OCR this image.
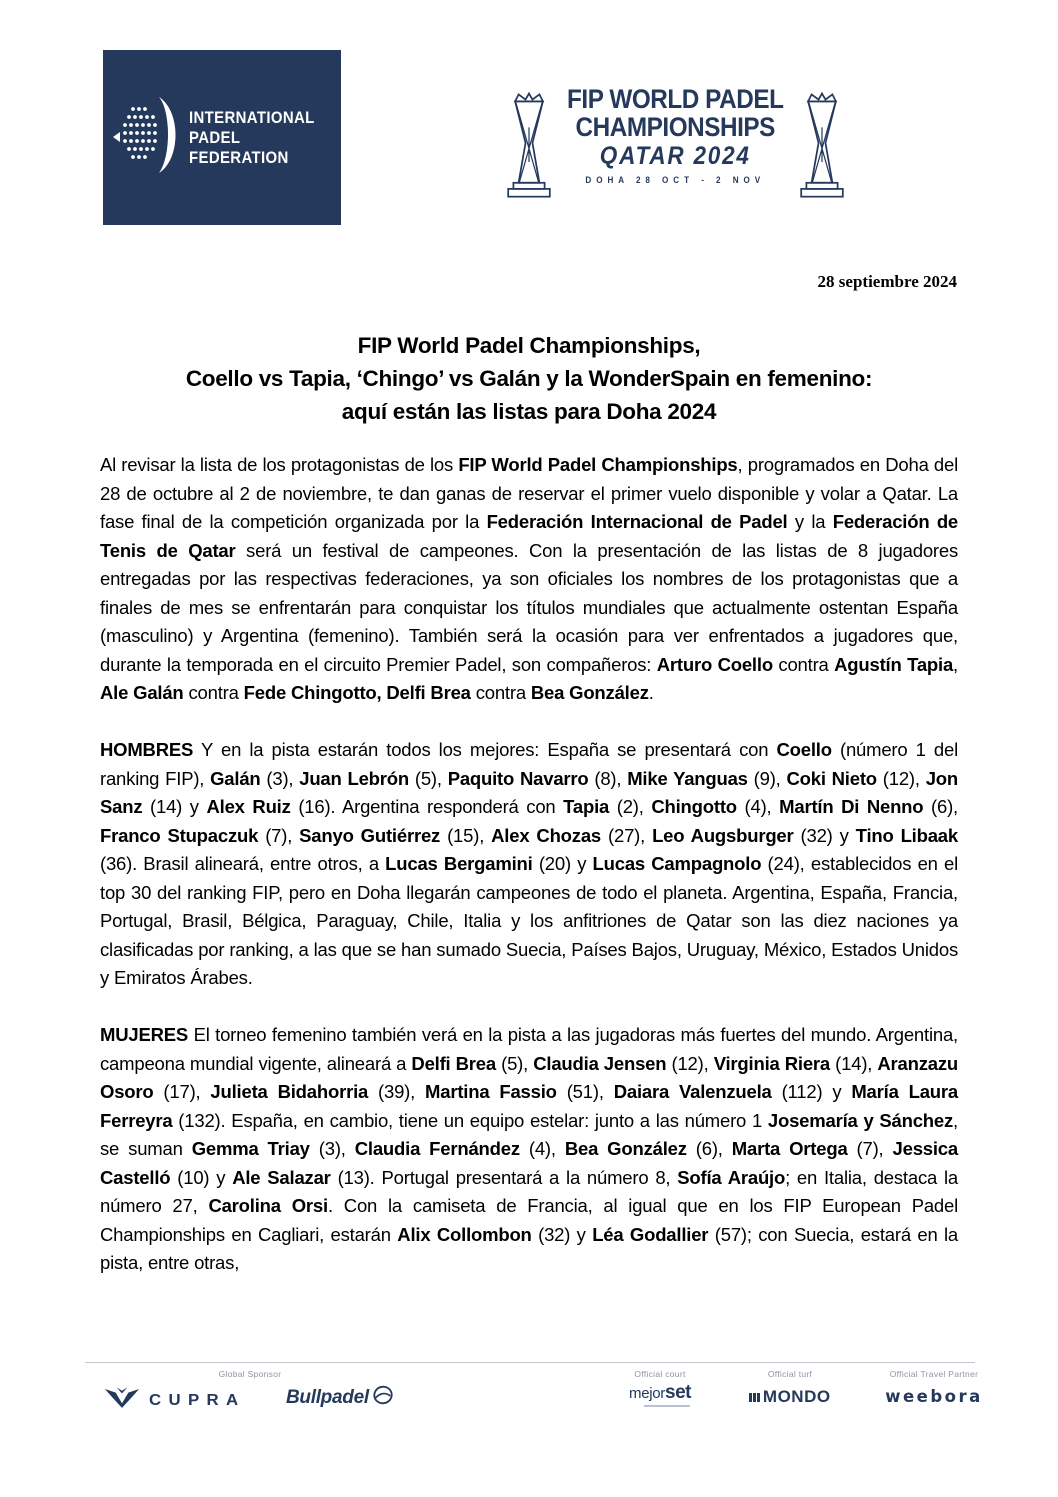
INTERNATIONAL
PADEL
FEDERATION
FIP WORLD PADEL
CHAMPIONSHIPS
QATAR 2024
DOHA 28 OCT - 2 NOV
28 septiembre 2024
FIP World Padel Championships,
Coello vs Tapia, ‘Chingo’ vs Galán y la WonderSpain en femenino:
aquí están las listas para Doha 2024

Al revisar la lista de los protagonistas de los FIP World Padel Championships, programados en Doha del 28 de octubre al 2 de noviembre, te dan ganas de reservar el primer vuelo disponible y volar a Qatar. La fase final de la competición organizada por la Federación Internacional de Padel y la Federación de Tenis de Qatar será un festival de campeones. Con la presentación de las listas de 8 jugadores entregadas por las respectivas federaciones, ya son oficiales los nombres de los protagonistas que a finales de mes se enfrentarán para conquistar los títulos mundiales que actualmente ostentan España (masculino) y Argentina (femenino). También será la ocasión para ver enfrentados a jugadores que, durante la temporada en el circuito Premier Padel, son compañeros: Arturo Coello contra Agustín Tapia, Ale Galán contra Fede Chingotto, Delfi Brea contra Bea González.

HOMBRES Y en la pista estarán todos los mejores: España se presentará con Coello (número 1 del ranking FIP), Galán (3), Juan Lebrón (5), Paquito Navarro (8), Mike Yanguas (9), Coki Nieto (12), Jon Sanz (14) y Alex Ruiz (16). Argentina responderá con Tapia (2), Chingotto (4), Martín Di Nenno (6), Franco Stupaczuk (7), Sanyo Gutiérrez (15), Alex Chozas (27), Leo Augsburger (32) y Tino Libaak (36). Brasil alineará, entre otros, a Lucas Bergamini (20) y Lucas Campagnolo (24), establecidos en el top 30 del ranking FIP, pero en Doha llegarán campeones de todo el planeta. Argentina, España, Francia, Portugal, Brasil, Bélgica, Paraguay, Chile, Italia y los anfitriones de Qatar son las diez naciones ya clasificadas por ranking, a las que se han sumado Suecia, Países Bajos, Uruguay, México, Estados Unidos y Emiratos Árabes.

MUJERES El torneo femenino también verá en la pista a las jugadoras más fuertes del mundo. Argentina, campeona mundial vigente, alineará a Delfi Brea (5), Claudia Jensen (12), Virginia Riera (14), Aranzazu Osoro (17), Julieta Bidahorria (39), Martina Fassio (51), Daiara Valenzuela (112) y María Laura Ferreyra (132). España, en cambio, tiene un equipo estelar: junto a las número 1 Josemaría y Sánchez, se suman Gemma Triay (3), Claudia Fernández (4), Bea González (6), Marta Ortega (7), Jessica Castelló (10) y Ale Salazar (13). Portugal presentará a la número 8, Sofía Araújo; en Italia, destaca la número 27, Carolina Orsi. Con la camiseta de Francia, al igual que en los FIP European Padel Championships en Cagliari, estarán Alix Collombon (32) y Léa Godallier (57); con Suecia, estará en la pista, entre otras,

Global Sponsor	Official court	Official turf	Official Travel Partner
CUPRA Bullpadel	mejor set	MONDO	weebora
